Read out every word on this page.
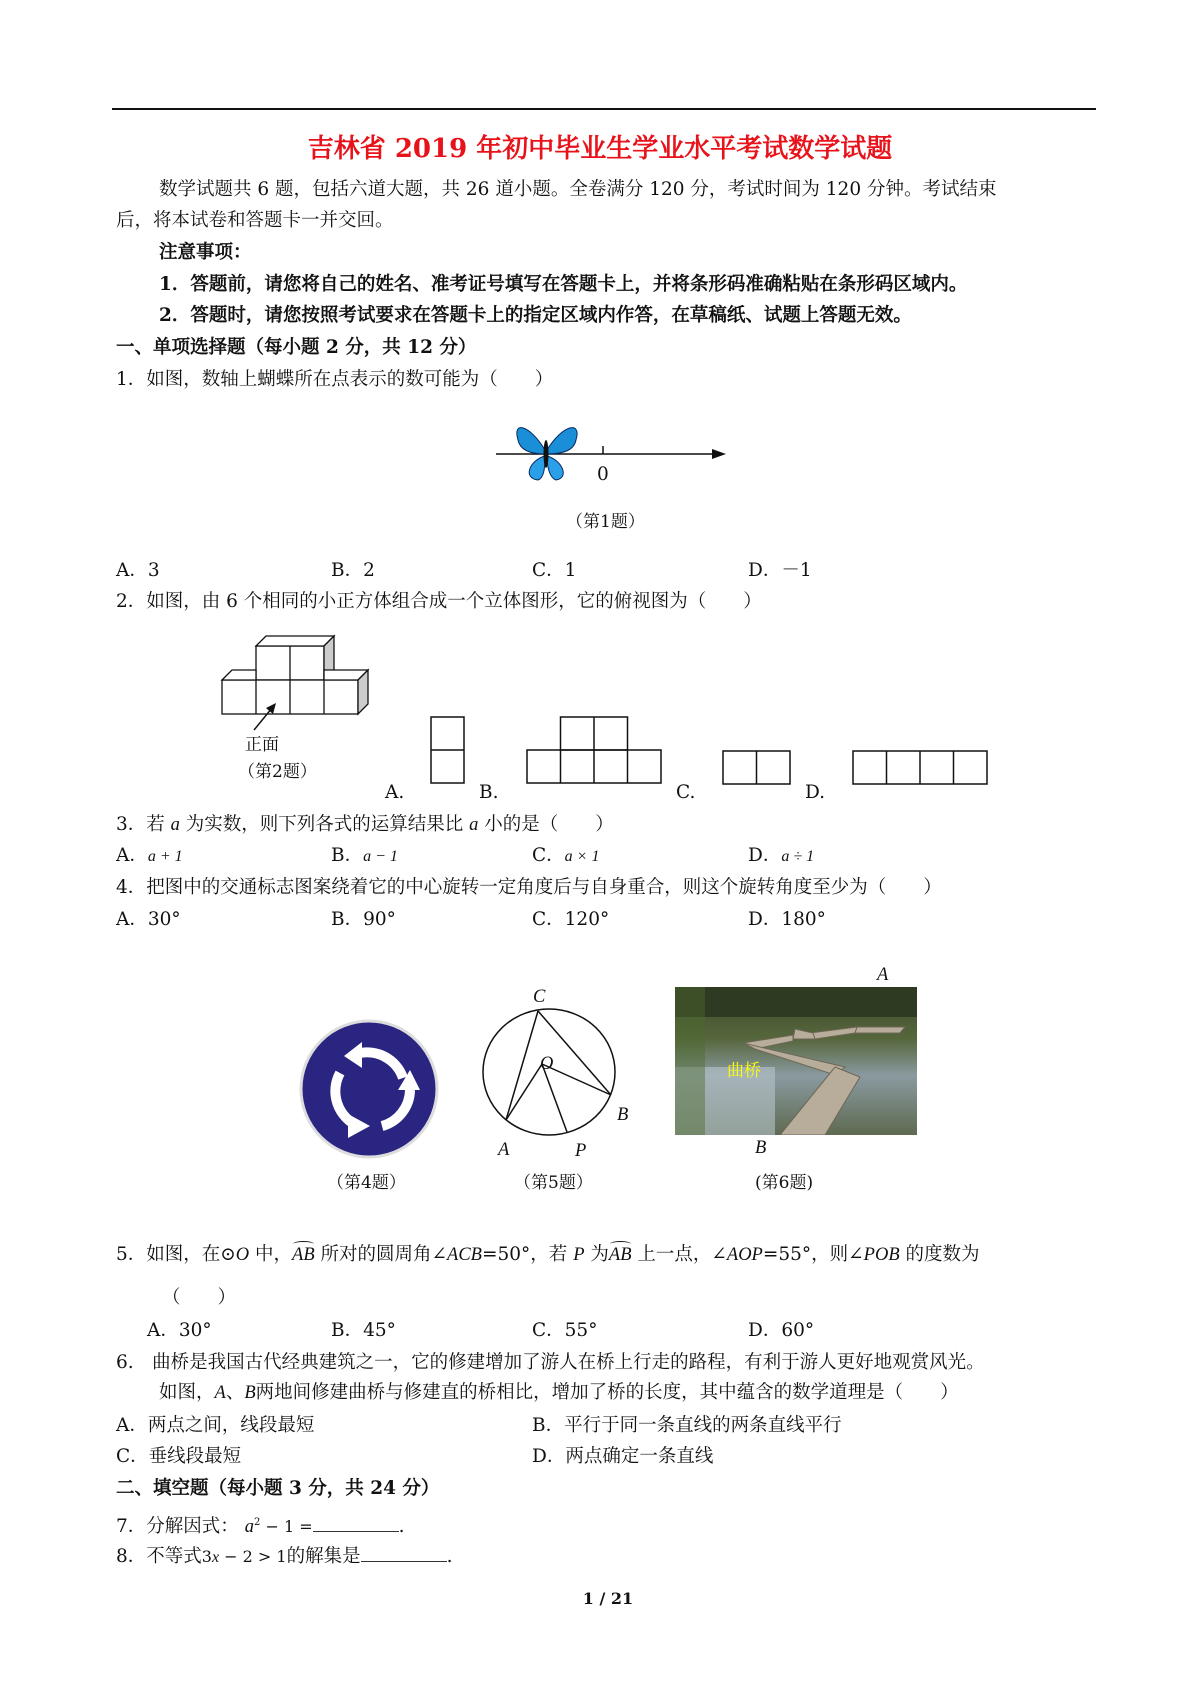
吉林省 2019 年初中毕业生学业水平考试数学试题
数学试题共 6 题，包括六道大题，共 26 道小题。全卷满分 120 分，考试时间为 120 分钟。考试结束
后，将本试卷和答题卡一并交回。
注意事项：
1．答题前，请您将自己的姓名、准考证号填写在答题卡上，并将条形码准确粘贴在条形码区域内。
2．答题时，请您按照考试要求在答题卡上的指定区域内作答，在草稿纸、试题上答题无效。
一、单项选择题（每小题 2 分，共 12 分）
1．如图，数轴上蝴蝶所在点表示的数可能为（　　）
0
（第1题）
A．3	B．2	C．1	D．－1
2．如图，由 6 个相同的小正方体组合成一个立体图形，它的俯视图为（　　）
正面
（第2题）
A.	B.	C.	D.
3．若 a 为实数，则下列各式的运算结果比 a 小的是（　　）
A．a + 1	B．a − 1	C．a × 1	D．a ÷ 1
4．把图中的交通标志图案绕着它的中心旋转一定角度后与自身重合，则这个旋转角度至少为（　　）
A．30°	B．90°	C．120°	D．180°
（第4题）
C
O
B
A	P
（第5题）
曲桥
A
B
(第6题)
5．如图，在⊙O 中，AB 所对的圆周角∠ACB=50°，若 P 为AB 上一点，∠AOP=55°，则∠POB 的度数为
（　　）
A．30°	B．45°	C．55°	D．60°
6.　曲桥是我国古代经典建筑之一，它的修建增加了游人在桥上行走的路程，有利于游人更好地观赏风光。
如图，A、B两地间修建曲桥与修建直的桥相比，增加了桥的长度，其中蕴含的数学道理是（　　）
A．两点之间，线段最短	B．平行于同一条直线的两条直线平行
C．垂线段最短	D．两点确定一条直线
二、填空题（每小题 3 分，共 24 分）
7．分解因式： $a^2 - 1$ =	.
8．不等式3x − 2 > 1的解集是	.
1 / 21
